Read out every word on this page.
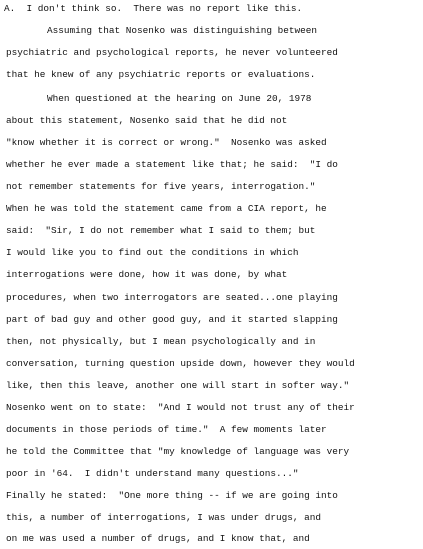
A.  I don't think so.  There was no report like this.
Assuming that Nosenko was distinguishing between
psychiatric and psychological reports, he never volunteered
that he knew of any psychiatric reports or evaluations.
When questioned at the hearing on June 20, 1978
about this statement, Nosenko said that he did not
"know whether it is correct or wrong."  Nosenko was asked
whether he ever made a statement like that; he said:  "I do
not remember statements for five years, interrogation."
When he was told the statement came from a CIA report, he
said:  "Sir, I do not remember what I said to them; but
I would like you to find out the conditions in which
interrogations were done, how it was done, by what
procedures, when two interrogators are seated...one playing
part of bad guy and other good guy, and it started slapping
then, not physically, but I mean psychologically and in
conversation, turning question upside down, however they would
like, then this leave, another one will start in softer way."
Nosenko went on to state:  "And I would not trust any of their
documents in those periods of time."  A few moments later
he told the Committee that "my knowledge of language was very
poor in '64.  I didn't understand many questions..."
Finally he stated:  "One more thing -- if we are going into
this, a number of interrogations, I was under drugs, and
on me was used a number of drugs, and I know that, and
